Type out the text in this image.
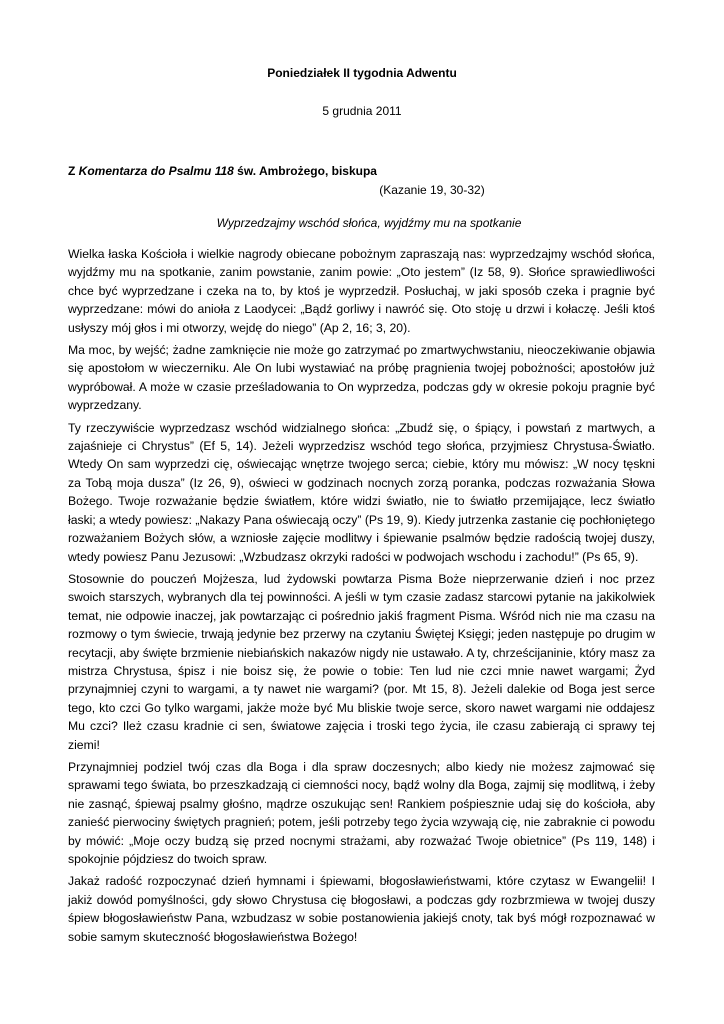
Poniedziałek II tygodnia Adwentu
5 grudnia 2011
Z Komentarza do Psalmu 118 św. Ambrożego, biskupa
(Kazanie 19, 30-32)
Wyprzedzajmy wschód słońca, wyjdźmy mu na spotkanie

Wielka łaska Kościoła i wielkie nagrody obiecane pobożnym zapraszają nas: wyprzedzajmy wschód słońca, wyjdźmy mu na spotkanie, zanim powstanie, zanim powie: „Oto jestem” (Iz 58, 9). Słońce sprawiedliwości chce być wyprzedzane i czeka na to, by ktoś je wyprzedził. Posłuchaj, w jaki sposób czeka i pragnie być wyprzedzane: mówi do anioła z Laodycei: „Bądź gorliwy i nawróć się. Oto stoję u drzwi i kołaczę. Jeśli ktoś usłyszy mój głos i mi otworzy, wejdę do niego” (Ap 2, 16; 3, 20).

Ma moc, by wejść; żadne zamknięcie nie może go zatrzymać po zmartwychwstaniu, nieoczekiwanie objawia się apostołom w wieczerniku. Ale On lubi wystawiać na próbę pragnienia twojej pobożności; apostołów już wypróbował. A może w czasie prześladowania to On wyprzedza, podczas gdy w okresie pokoju pragnie być wyprzedzany.

Ty rzeczywiście wyprzedzasz wschód widzialnego słońca: „Zbudź się, o śpiący, i powstań z martwych, a zajaśnieje ci Chrystus” (Ef 5, 14). Jeżeli wyprzedzisz wschód tego słońca, przyjmiesz Chrystusa-Światło. Wtedy On sam wyprzedzi cię, oświecając wnętrze twojego serca; ciebie, który mu mówisz: „W nocy tęskni za Tobą moja dusza” (Iz 26, 9), oświeci w godzinach nocnych zorzą poranka, podczas rozważania Słowa Bożego. Twoje rozważanie będzie światłem, które widzi światło, nie to światło przemijające, lecz światło łaski; a wtedy powiesz: „Nakazy Pana oświecają oczy” (Ps 19, 9). Kiedy jutrzenka zastanie cię pochłoniętego rozważaniem Bożych słów, a wzniosłe zajęcie modlitwy i śpiewanie psalmów będzie radością twojej duszy, wtedy powiesz Panu Jezusowi: „Wzbudzasz okrzyki radości w podwojach wschodu i zachodu!” (Ps 65, 9).

Stosownie do pouczeń Mojżesza, lud żydowski powtarza Pisma Boże nieprzerwanie dzień i noc przez swoich starszych, wybranych dla tej powinności. A jeśli w tym czasie zadasz starcowi pytanie na jakikolwiek temat, nie odpowie inaczej, jak powtarzając ci pośrednio jakiś fragment Pisma. Wśród nich nie ma czasu na rozmowy o tym świecie, trwają jedynie bez przerwy na czytaniu Świętej Księgi; jeden następuje po drugim w recytacji, aby święte brzmienie niebiańskich nakazów nigdy nie ustawało. A ty, chrześcijaninie, który masz za mistrza Chrystusa, śpisz i nie boisz się, że powie o tobie: Ten lud nie czci mnie nawet wargami; Żyd przynajmniej czyni to wargami, a ty nawet nie wargami? (por. Mt 15, 8). Jeżeli dalekie od Boga jest serce tego, kto czci Go tylko wargami, jakże może być Mu bliskie twoje serce, skoro nawet wargami nie oddajesz Mu czci? Ileż czasu kradnie ci sen, światowe zajęcia i troski tego życia, ile czasu zabierają ci sprawy tej ziemi!

Przynajmniej podziel twój czas dla Boga i dla spraw doczesnych; albo kiedy nie możesz zajmować się sprawami tego świata, bo przeszkadzają ci ciemności nocy, bądź wolny dla Boga, zajmij się modlitwą, i żeby nie zasnąć, śpiewaj psalmy głośno, mądrze oszukując sen! Rankiem pośpiesznie udaj się do kościoła, aby zanieść pierwociny świętych pragnień; potem, jeśli potrzeby tego życia wzywają cię, nie zabraknie ci powodu by mówić: „Moje oczy budzą się przed nocnymi strażami, aby rozważać Twoje obietnice” (Ps 119, 148) i spokojnie pójdziesz do twoich spraw.

Jakaż radość rozpoczynać dzień hymnami i śpiewami, błogosławieństwami, które czytasz w Ewangelii! I jakiż dowód pomyślności, gdy słowo Chrystusa cię błogosławi, a podczas gdy rozbrzmiewa w twojej duszy śpiew błogosławieństw Pana, wzbudzasz w sobie postanowienia jakiejś cnoty, tak byś mógł rozpoznawać w sobie samym skuteczność błogosławieństwa Bożego!
